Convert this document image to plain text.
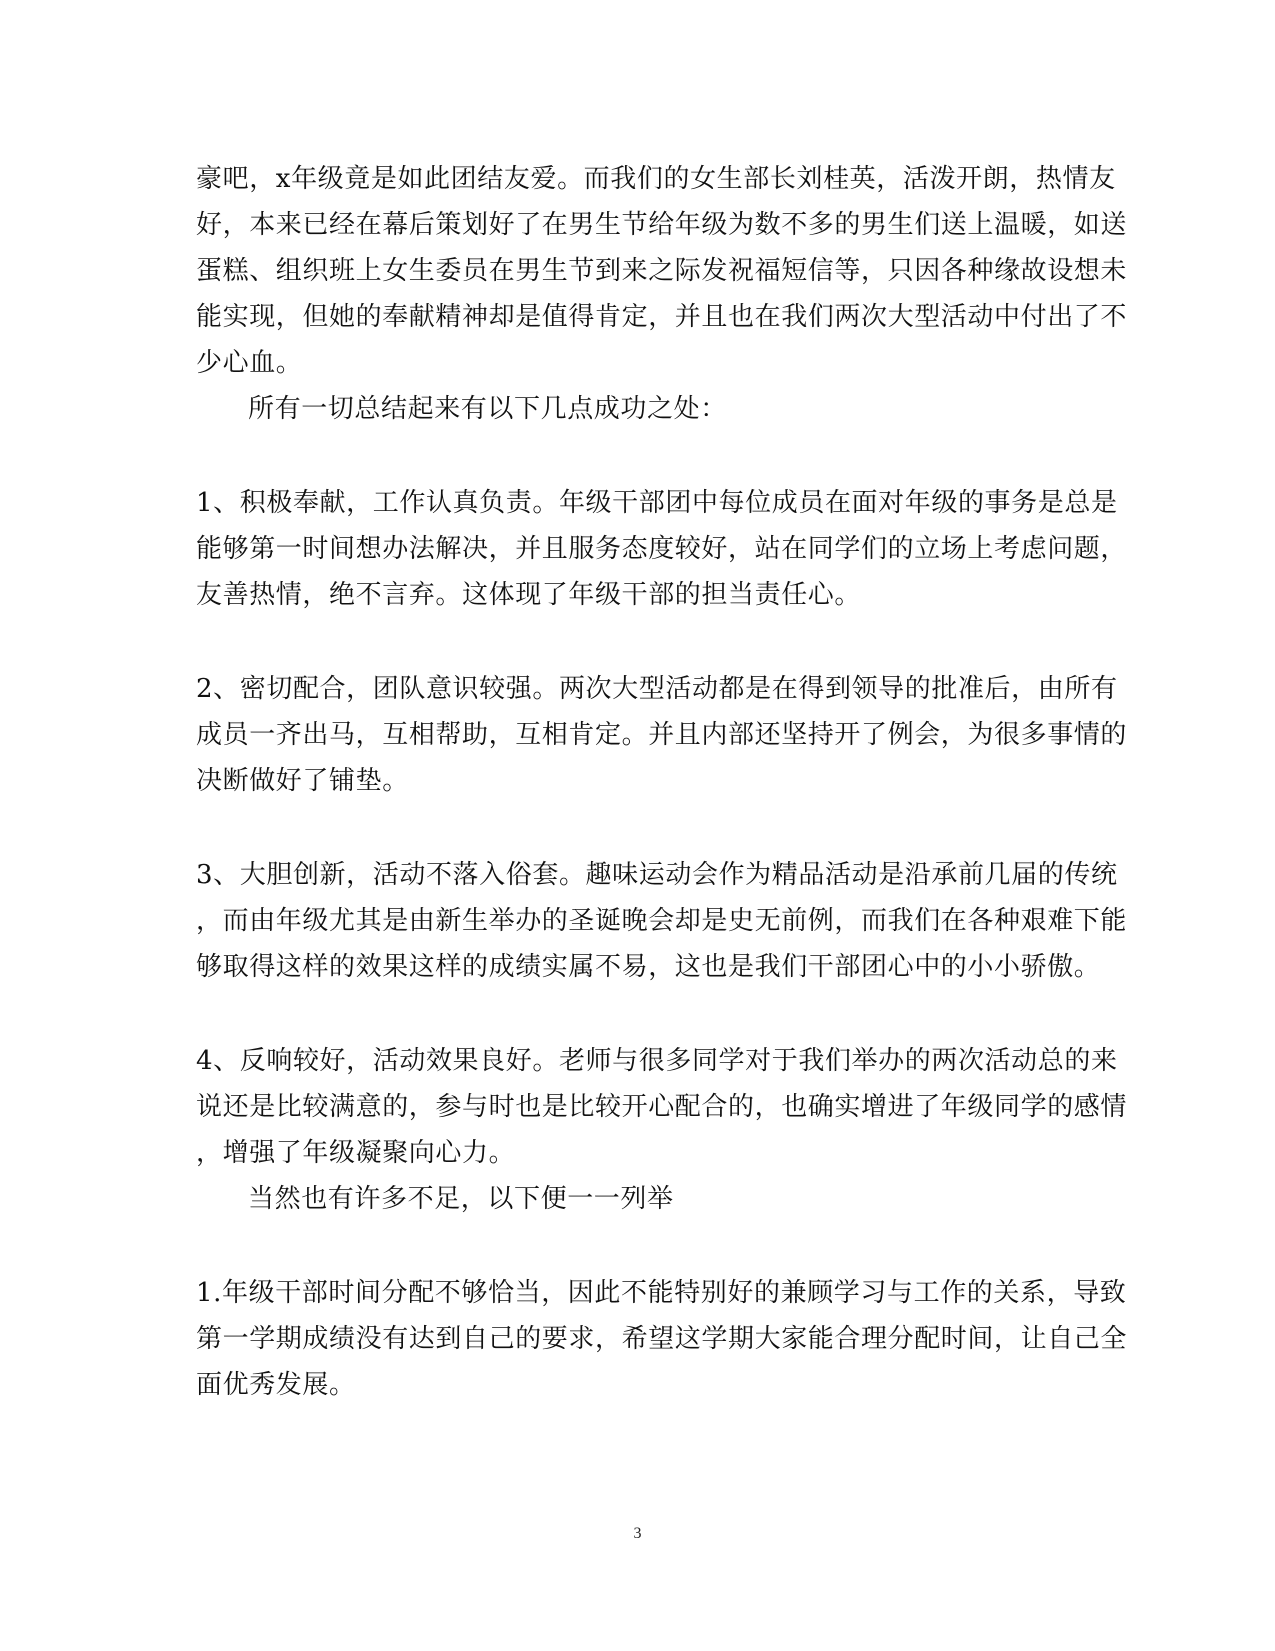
豪吧，x年级竟是如此团结友爱。而我们的女生部长刘桂英，活泼开朗，热情友
好，本来已经在幕后策划好了在男生节给年级为数不多的男生们送上温暖，如送
蛋糕、组织班上女生委员在男生节到来之际发祝福短信等，只因各种缘故设想未
能实现，但她的奉献精神却是值得肯定，并且也在我们两次大型活动中付出了不
少心血。
所有一切总结起来有以下几点成功之处：
1、积极奉献，工作认真负责。年级干部团中每位成员在面对年级的事务是总是
能够第一时间想办法解决，并且服务态度较好，站在同学们的立场上考虑问题，
友善热情，绝不言弃。这体现了年级干部的担当责任心。
2、密切配合，团队意识较强。两次大型活动都是在得到领导的批准后，由所有
成员一齐出马，互相帮助，互相肯定。并且内部还坚持开了例会，为很多事情的
决断做好了铺垫。
3、大胆创新，活动不落入俗套。趣味运动会作为精品活动是沿承前几届的传统
，而由年级尤其是由新生举办的圣诞晚会却是史无前例，而我们在各种艰难下能
够取得这样的效果这样的成绩实属不易，这也是我们干部团心中的小小骄傲。
4、反响较好，活动效果良好。老师与很多同学对于我们举办的两次活动总的来
说还是比较满意的，参与时也是比较开心配合的，也确实增进了年级同学的感情
，增强了年级凝聚向心力。
当然也有许多不足，以下便一一列举
1.年级干部时间分配不够恰当，因此不能特别好的兼顾学习与工作的关系，导致
第一学期成绩没有达到自己的要求，希望这学期大家能合理分配时间，让自己全
面优秀发展。
3
